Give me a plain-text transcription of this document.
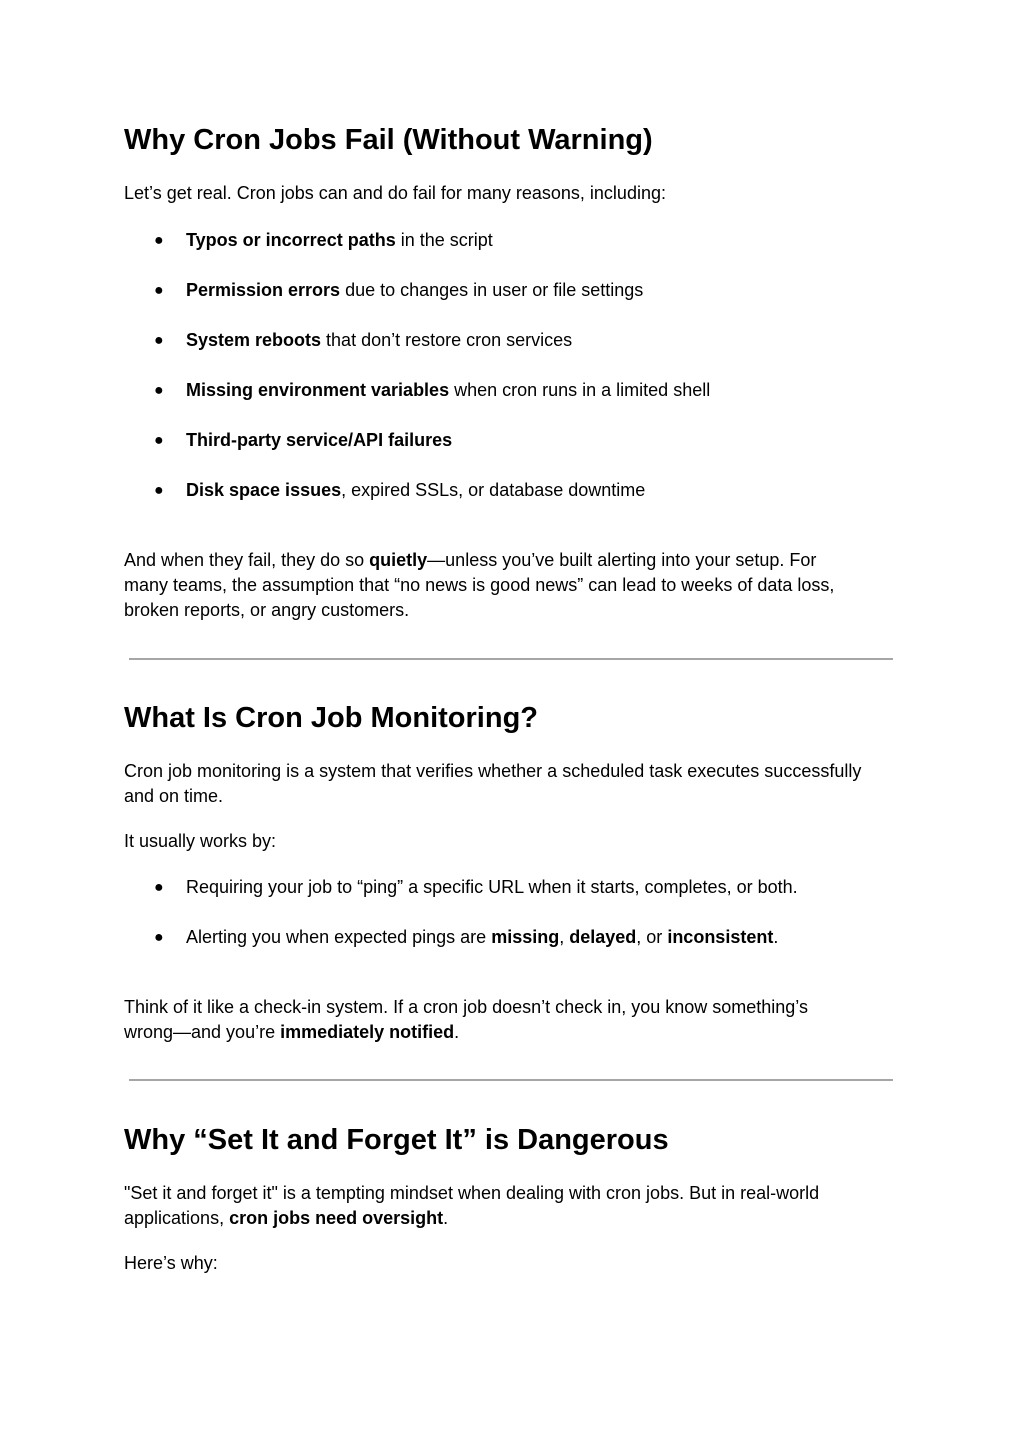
Why Cron Jobs Fail (Without Warning)

Let’s get real. Cron jobs can and do fail for many reasons, including:

● Typos or incorrect paths in the script
● Permission errors due to changes in user or file settings
● System reboots that don’t restore cron services
● Missing environment variables when cron runs in a limited shell
● Third-party service/API failures
● Disk space issues, expired SSLs, or database downtime
And when they fail, they do so quietly—unless you’ve built alerting into your setup. For
many teams, the assumption that “no news is good news” can lead to weeks of data loss,
broken reports, or angry customers.
What Is Cron Job Monitoring?
Cron job monitoring is a system that verifies whether a scheduled task executes successfully
and on time.

It usually works by:

● Requiring your job to “ping” a specific URL when it starts, completes, or both.
● Alerting you when expected pings are missing, delayed, or inconsistent.
Think of it like a check-in system. If a cron job doesn’t check in, you know something’s
wrong—and you’re immediately notified.
Why “Set It and Forget It” is Dangerous
"Set it and forget it" is a tempting mindset when dealing with cron jobs. But in real-world
applications, cron jobs need oversight.

Here’s why:
